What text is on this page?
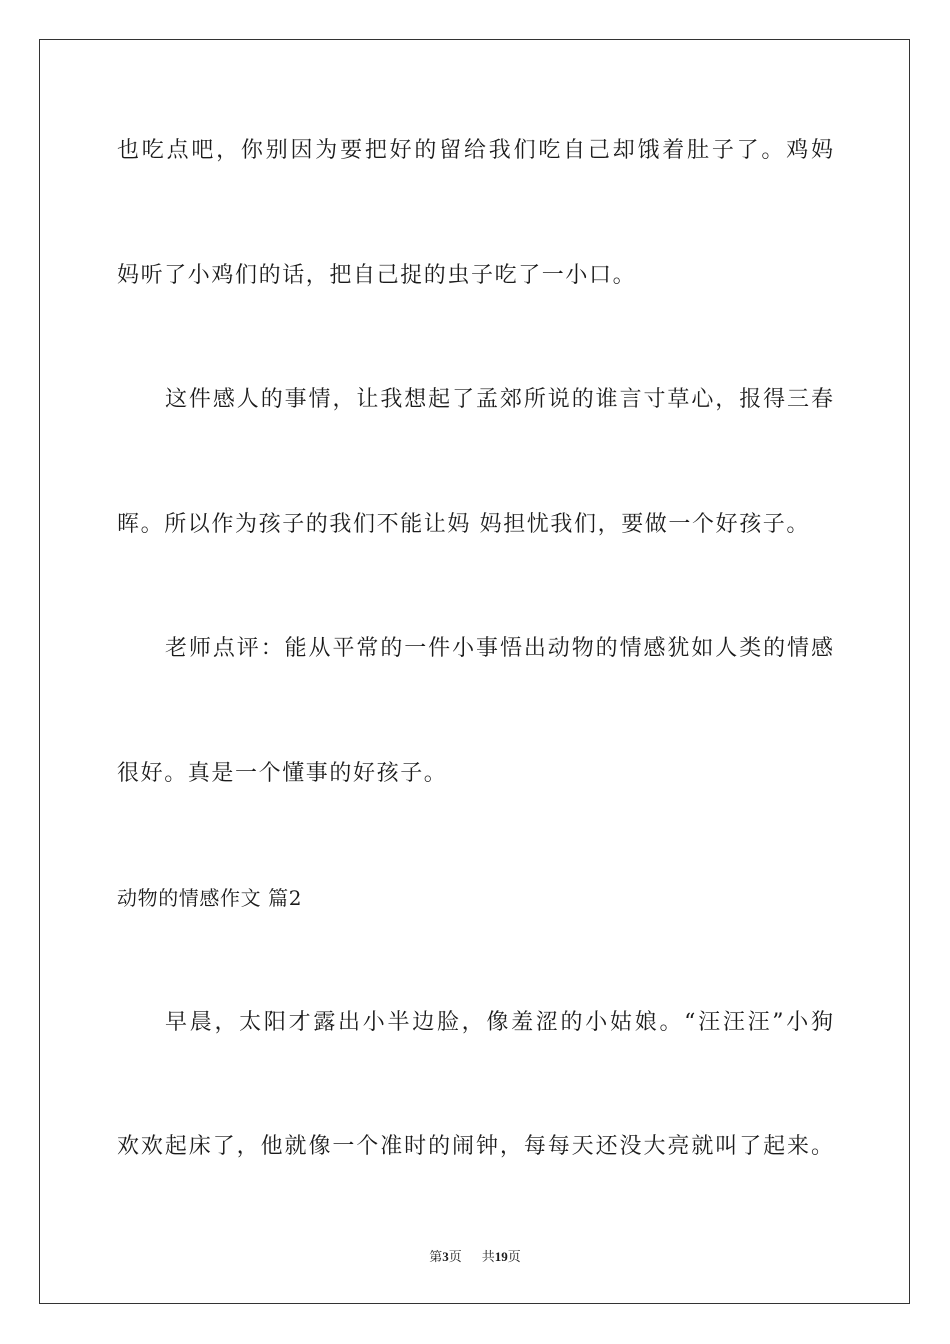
也吃点吧，你别因为要把好的留给我们吃自己却饿着肚子了。鸡妈
妈听了小鸡们的话，把自己捉的虫子吃了一小口。
这件感人的事情，让我想起了孟郊所说的谁言寸草心，报得三春
晖。所以作为孩子的我们不能让妈 妈担忧我们，要做一个好孩子。
老师点评：能从平常的一件小事悟出动物的情感犹如人类的情感
很好。真是一个懂事的好孩子。
动物的情感作文 篇2
早晨，太阳才露出小半边脸，像羞涩的小姑娘。“汪汪汪”小狗
欢欢起床了，他就像一个准时的闹钟，每每天还没大亮就叫了起来。
第3页 共19页
